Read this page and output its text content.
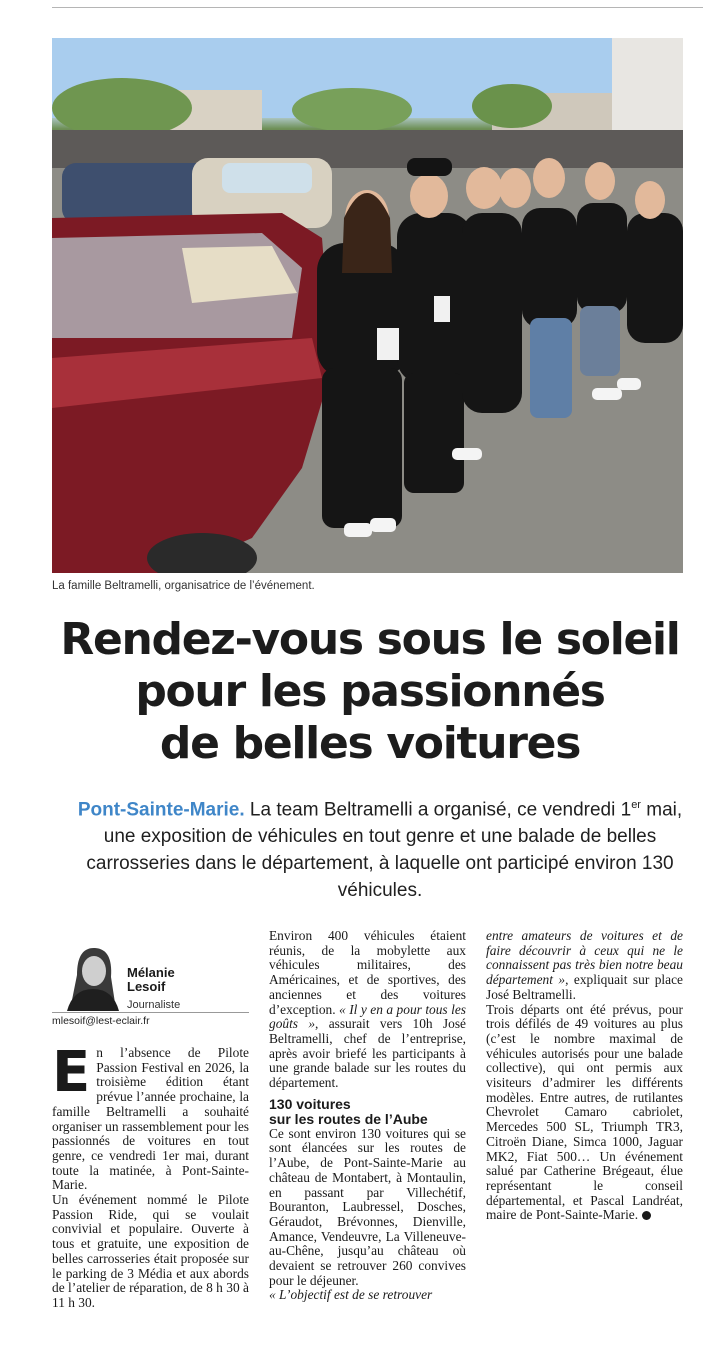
La famille Beltramelli, organisatrice de l’événement.
Rendez-vous sous le soleil
pour les passionnés
de belles voitures
Pont-Sainte-Marie. La team Beltramelli a organisé, ce vendredi 1er mai, une exposition de véhicules en tout genre et une balade de belles carrosseries dans le département, à laquelle ont participé environ 130 véhicules.
Mélanie
Lesoif
Journaliste
mlesoif@lest-eclair.fr

En l’absence de Pilote Passion Festival en 2026, la troisième édition étant prévue l’année prochaine, la famille Beltramelli a souhaité organiser un rassemblement pour les passionnés de voitures en tout genre, ce vendredi 1er mai, durant toute la matinée, à Pont-Sainte-Marie.

Un événement nommé le Pilote Passion Ride, qui se voulait convivial et populaire. Ouverte à tous et gratuite, une exposition de belles carrosseries était proposée sur le parking de 3 Média et aux abords de l’atelier de réparation, de 8 h 30 à 11 h 30.

Environ 400 véhicules étaient réunis, de la mobylette aux véhicules militaires, des Américaines, et de sportives, des anciennes et des voitures d’exception. « Il y en a pour tous les goûts », assurait vers 10h José Beltramelli, chef de l’entreprise, après avoir briefé les participants à une grande balade sur les routes du département.

130 voitures
sur les routes de l’Aube

Ce sont environ 130 voitures qui se sont élancées sur les routes de l’Aube, de Pont-Sainte-Marie au château de Montabert, à Montaulin, en passant par Villechétif, Bouranton, Laubressel, Dosches, Géraudot, Brévonnes, Dienville, Amance, Vendeuvre, La Villeneuve-au-Chêne, jusqu’au château où devaient se retrouver 260 convives pour le déjeuner.

« L’objectif est de se retrouver

entre amateurs de voitures et de faire découvrir à ceux qui ne le connaissent pas très bien notre beau département », expliquait sur place José Beltramelli.

Trois départs ont été prévus, pour trois défilés de 49 voitures au plus (c’est le nombre maximal de véhicules autorisés pour une balade collective), qui ont permis aux visiteurs d’admirer les différents modèles. Entre autres, de rutilantes Chevrolet Camaro cabriolet, Mercedes 500 SL, Triumph TR3, Citroën Diane, Simca 1000, Jaguar MK2, Fiat 500… Un événement salué par Catherine Brégeaut, élue représentant le conseil départemental, et Pascal Landréat, maire de Pont-Sainte-Marie.
